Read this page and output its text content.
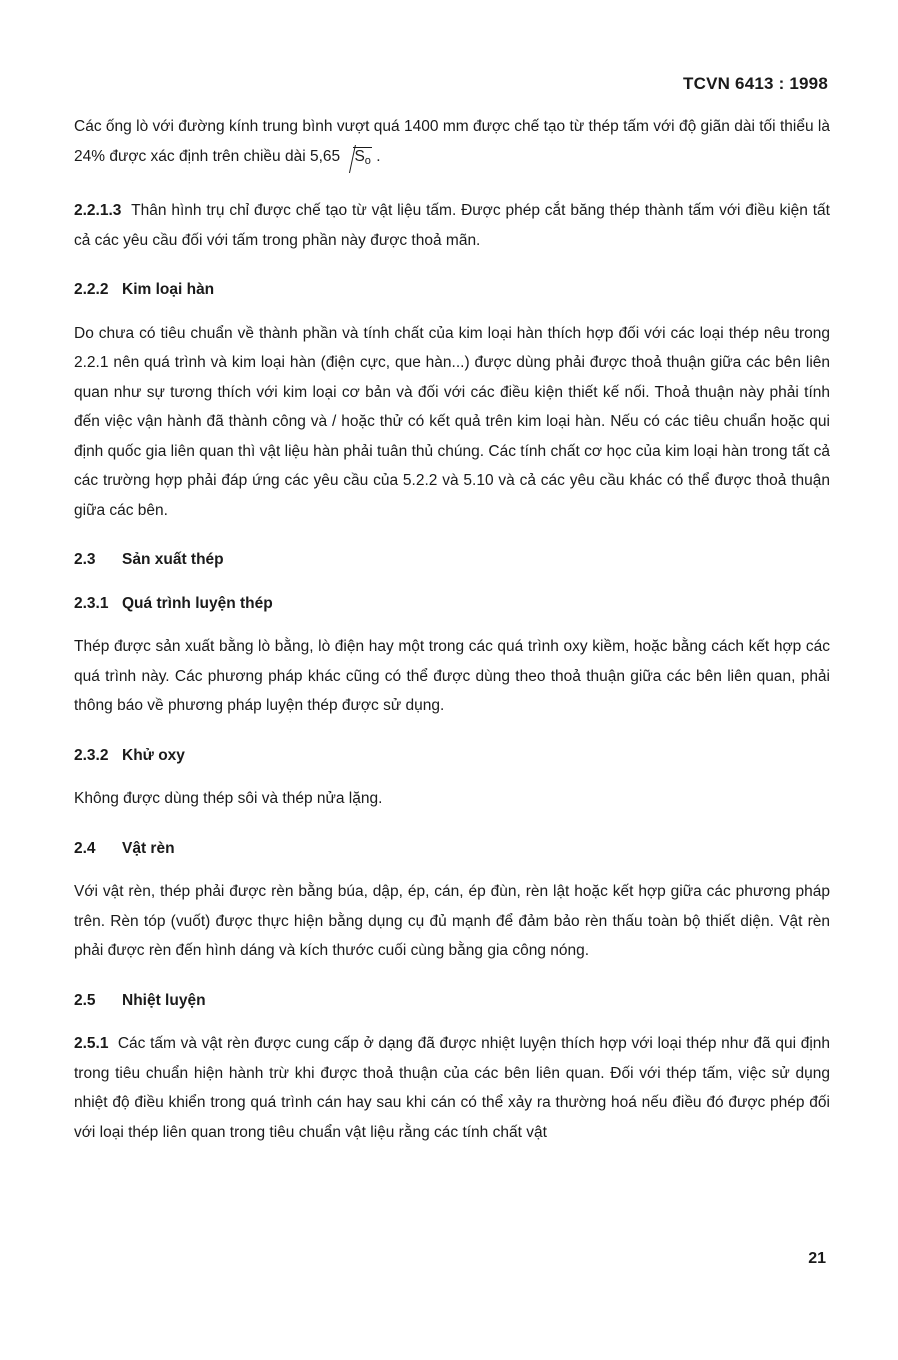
TCVN 6413 : 1998

Các ống lò với đường kính trung bình vượt quá 1400 mm được chế tạo từ thép tấm với độ giãn dài tối thiểu là 24% được xác định trên chiều dài 5,65 $S_o$ .

2.2.1.3 Thân hình trụ chỉ được chế tạo từ vật liệu tấm. Được phép cắt băng thép thành tấm với điều kiện tất cả các yêu cầu đối với tấm trong phần này được thoả mãn.

2.2.2 Kim loại hàn

Do chưa có tiêu chuẩn về thành phần và tính chất của kim loại hàn thích hợp đối với các loại thép nêu trong 2.2.1 nên quá trình và kim loại hàn (điện cực, que hàn...) được dùng phải được thoả thuận giữa các bên liên quan như sự tương thích với kim loại cơ bản và đối với các điều kiện thiết kế nối. Thoả thuận này phải tính đến việc vận hành đã thành công và / hoặc thử có kết quả trên kim loại hàn. Nếu có các tiêu chuẩn hoặc qui định quốc gia liên quan thì vật liệu hàn phải tuân thủ chúng. Các tính chất cơ học của kim loại hàn trong tất cả các trường hợp phải đáp ứng các yêu cầu của 5.2.2 và 5.10 và cả các yêu cầu khác có thể được thoả thuận giữa các bên.

2.3 Sản xuất thép
2.3.1 Quá trình luyện thép

Thép được sản xuất bằng lò bằng, lò điện hay một trong các quá trình oxy kiềm, hoặc bằng cách kết hợp các quá trình này. Các phương pháp khác cũng có thể được dùng theo thoả thuận giữa các bên liên quan, phải thông báo về phương pháp luyện thép được sử dụng.

2.3.2 Khử oxy

Không được dùng thép sôi và thép nửa lặng.

2.4 Vật rèn

Với vật rèn, thép phải được rèn bằng búa, dập, ép, cán, ép đùn, rèn lật hoặc kết hợp giữa các phương pháp trên. Rèn tóp (vuốt) được thực hiện bằng dụng cụ đủ mạnh để đảm bảo rèn thấu toàn bộ thiết diện. Vật rèn phải được rèn đến hình dáng và kích thước cuối cùng bằng gia công nóng.

2.5 Nhiệt luyện

2.5.1 Các tấm và vật rèn được cung cấp ở dạng đã được nhiệt luyện thích hợp với loại thép như đã qui định trong tiêu chuẩn hiện hành trừ khi được thoả thuận của các bên liên quan. Đối với thép tấm, việc sử dụng nhiệt độ điều khiển trong quá trình cán hay sau khi cán có thể xảy ra thường hoá nếu điều đó được phép đối với loại thép liên quan trong tiêu chuẩn vật liệu rằng các tính chất vật

21
